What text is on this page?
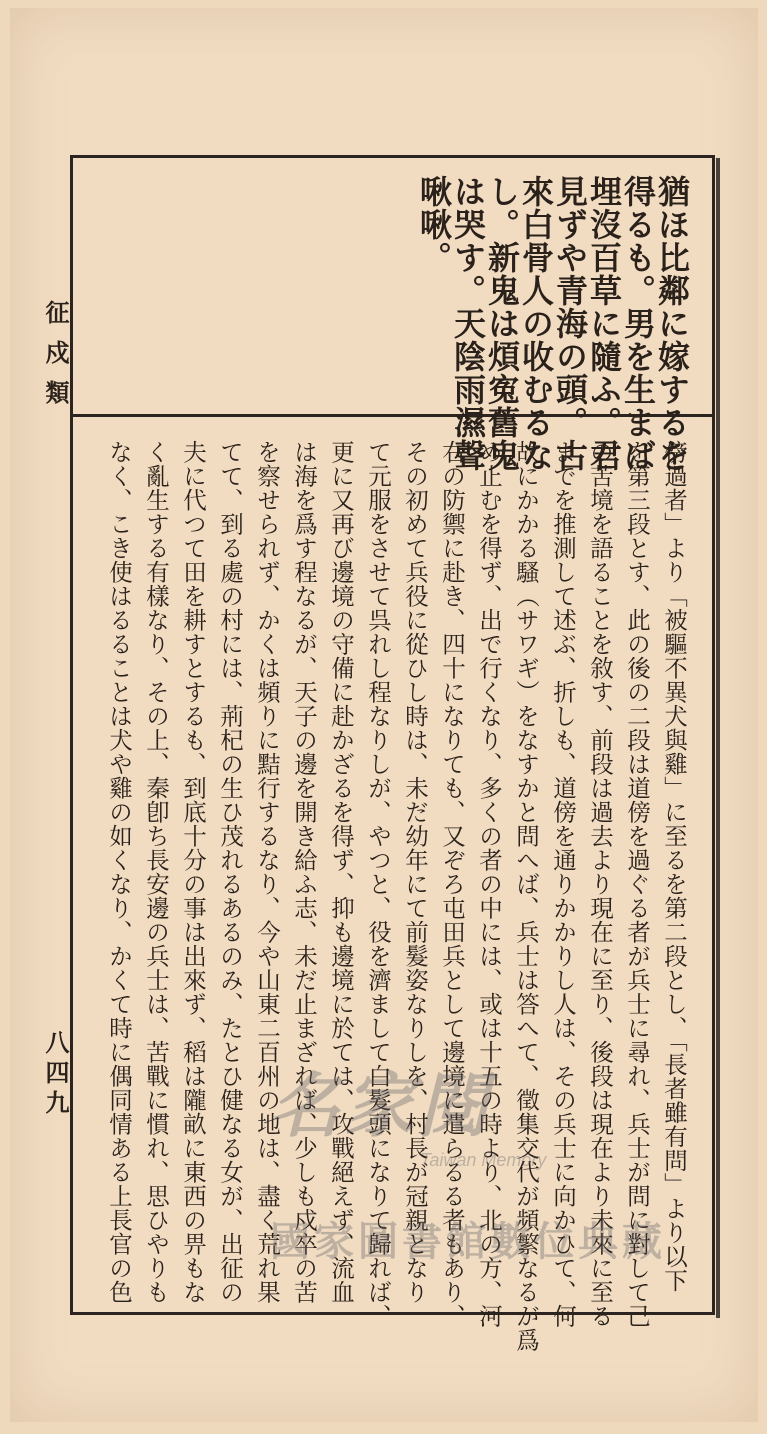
征戍類
八四九
猶ほ比鄰に嫁するを
得るも。男を生まば
埋沒百草に隨ふ。君
見ずや青海の頭。古
來白骨人の收むるな
し。新鬼は煩寃舊鬼
は哭す。天陰雨濕聲
啾啾。
傍過者」より「被驅不異犬與雞」に至るを第二段とし、「長者雖有問」より以下
を第三段とす、此の後の二段は道傍を過ぐる者が兵士に尋れ、兵士が問に對して己
の苦境を語ることを敘す、前段は過去より現在に至り、後段は現在より未來に至る
までを推測して述ぶ、折しも、道傍を通りかかりし人は、その兵士に向かひて、何
故にかかる騷（サワギ）をなすかと問へば、兵士は答へて、徵集交代が頻繁なるが爲
め止むを得ず、出で行くなり、多くの者の中には、或は十五の時より、北の方、河
右の防禦に赴き、四十になりても、又ぞろ屯田兵として邊境に遣らるる者もあり、
その初めて兵役に從ひし時は、未だ幼年にて前髮姿なりしを、村長が冠親となり
て元服をさせて呉れし程なりしが、やつと、役を濟まして白髮頭になりて歸れば、
更に又再び邊境の守備に赴かざるを得ず、抑も邊境に於ては、攻戰絕えず、流血
は海を爲す程なるが、天子の邊を開き給ふ志、未だ止まざれば、少しも戍卒の苦
を察せられず、かくは頻りに黠行するなり、今や山東二百州の地は、盡く荒れ果
てて、到る處の村には、荊杞の生ひ茂れるあるのみ、たとひ健なる女が、出征の
夫に代つて田を耕すとするも、到底十分の事は出來ず、稻は隴畝に東西の畀もな
く亂生する有樣なり、その上、秦卽ち長安邊の兵士は、苦戰に慣れ、思ひやりも
なく、こき使はるることは犬や雞の如くなり、かくて時に偶同情ある上長官の色 名家閱
Taiwan Memory
國家圖書館數位典藏
